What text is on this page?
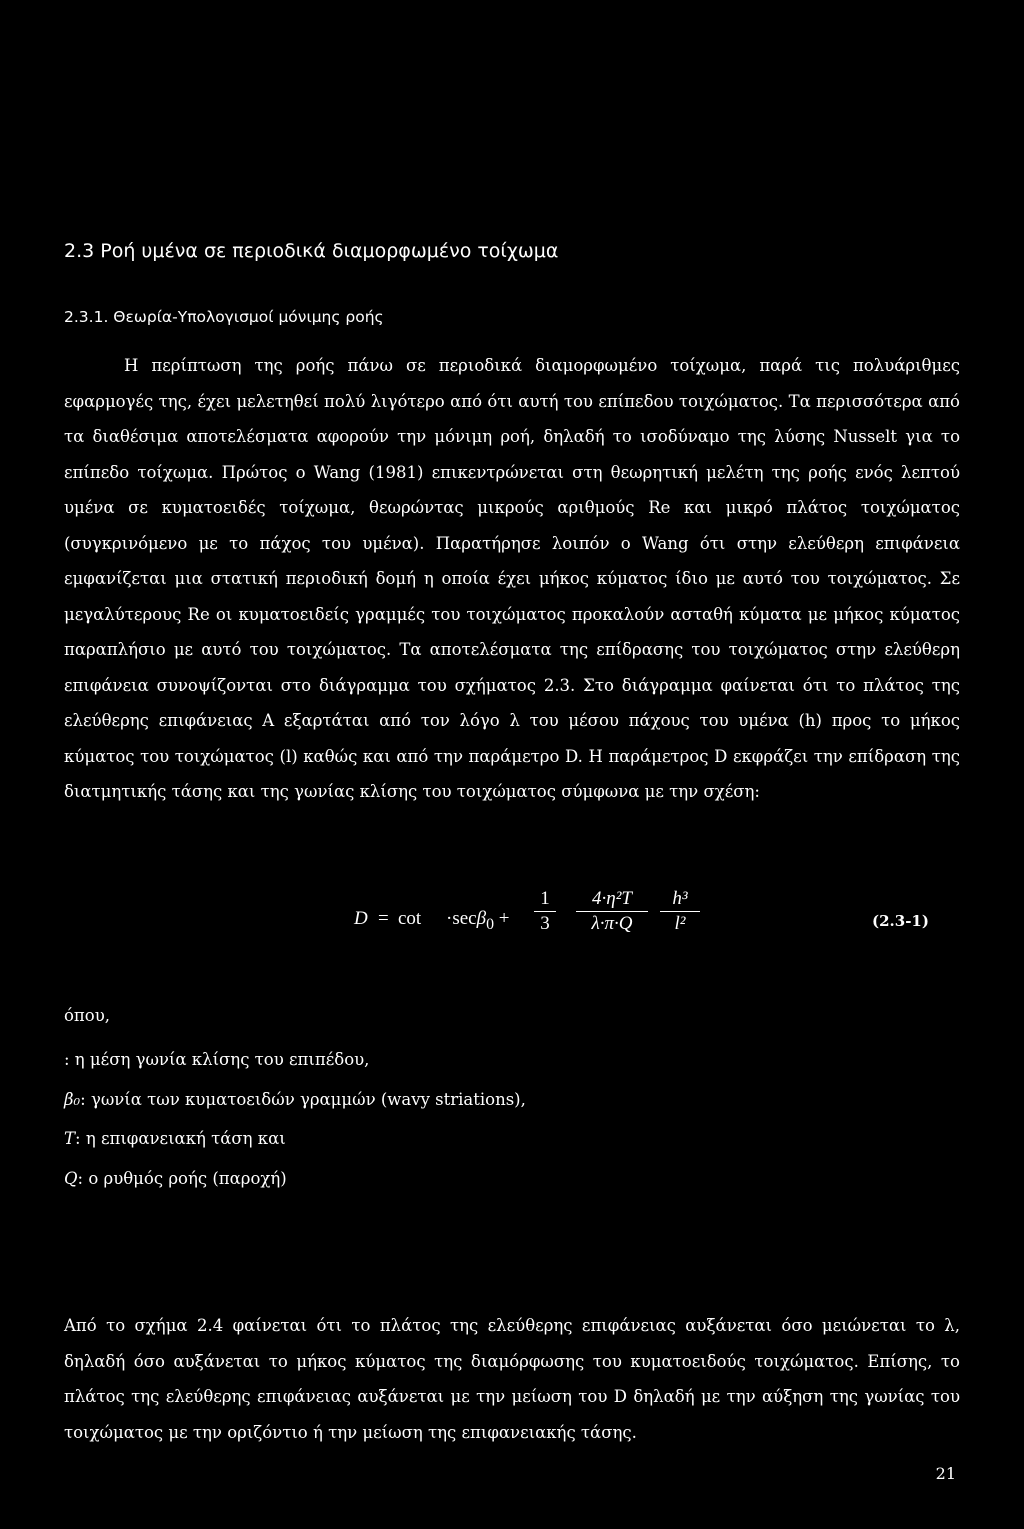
2.3 Ροή υμένα σε περιοδικά διαμορφωμένο τοίχωμα
2.3.1. Θεωρία-Υπολογισμοί μόνιμης ροής

Η περίπτωση της ροής πάνω σε περιοδικά διαμορφωμένο τοίχωμα, παρά τις πολυάριθμες εφαρμογές της, έχει μελετηθεί πολύ λιγότερο από ότι αυτή του επίπεδου τοιχώματος. Τα περισσότερα από τα διαθέσιμα αποτελέσματα αφορούν την μόνιμη ροή, δηλαδή το ισοδύναμο της λύσης Nusselt για το επίπεδο τοίχωμα. Πρώτος ο Wang (1981) επικεντρώνεται στη θεωρητική μελέτη της ροής ενός λεπτού υμένα σε κυματοειδές τοίχωμα, θεωρώντας μικρούς αριθμούς Re και μικρό πλάτος τοιχώματος (συγκρινόμενο με το πάχος του υμένα). Παρατήρησε λοιπόν ο Wang ότι στην ελεύθερη επιφάνεια εμφανίζεται μια στατική περιοδική δομή η οποία έχει μήκος κύματος ίδιο με αυτό του τοιχώματος. Σε μεγαλύτερους Re οι κυματοειδείς γραμμές του τοιχώματος προκαλούν ασταθή κύματα με μήκος κύματος παραπλήσιο με αυτό του τοιχώματος. Τα αποτελέσματα της επίδρασης του τοιχώματος στην ελεύθερη επιφάνεια συνοψίζονται στο διάγραμμα του σχήματος 2.3. Στο διάγραμμα φαίνεται ότι το πλάτος της ελεύθερης επιφάνειας A εξαρτάται από τον λόγο λ του μέσου πάχους του υμένα (h) προς το μήκος κύματος του τοιχώματος (l) καθώς και από την παράμετρο D. Η παράμετρος D εκφράζει την επίδραση της διατμητικής τάσης και της γωνίας κλίσης του τοιχώματος σύμφωνα με την σχέση:

D = cot ·secβ$_0$ +
1
3
4·η²T
λ·π·Q
h³
l²	(2.3-1)

όπου,

: η μέση γωνία κλίσης του επιπέδου,
β₀: γωνία των κυματοειδών γραμμών (wavy striations),
T: η επιφανειακή τάση και
Q: ο ρυθμός ροής (παροχή)

Από το σχήμα 2.4 φαίνεται ότι το πλάτος της ελεύθερης επιφάνειας αυξάνεται όσο μειώνεται το λ, δηλαδή όσο αυξάνεται το μήκος κύματος της διαμόρφωσης του κυματοειδούς τοιχώματος. Επίσης, το πλάτος της ελεύθερης επιφάνειας αυξάνεται με την μείωση του D δηλαδή με την αύξηση της γωνίας του τοιχώματος με την οριζόντιο ή την μείωση της επιφανειακής τάσης.

21
